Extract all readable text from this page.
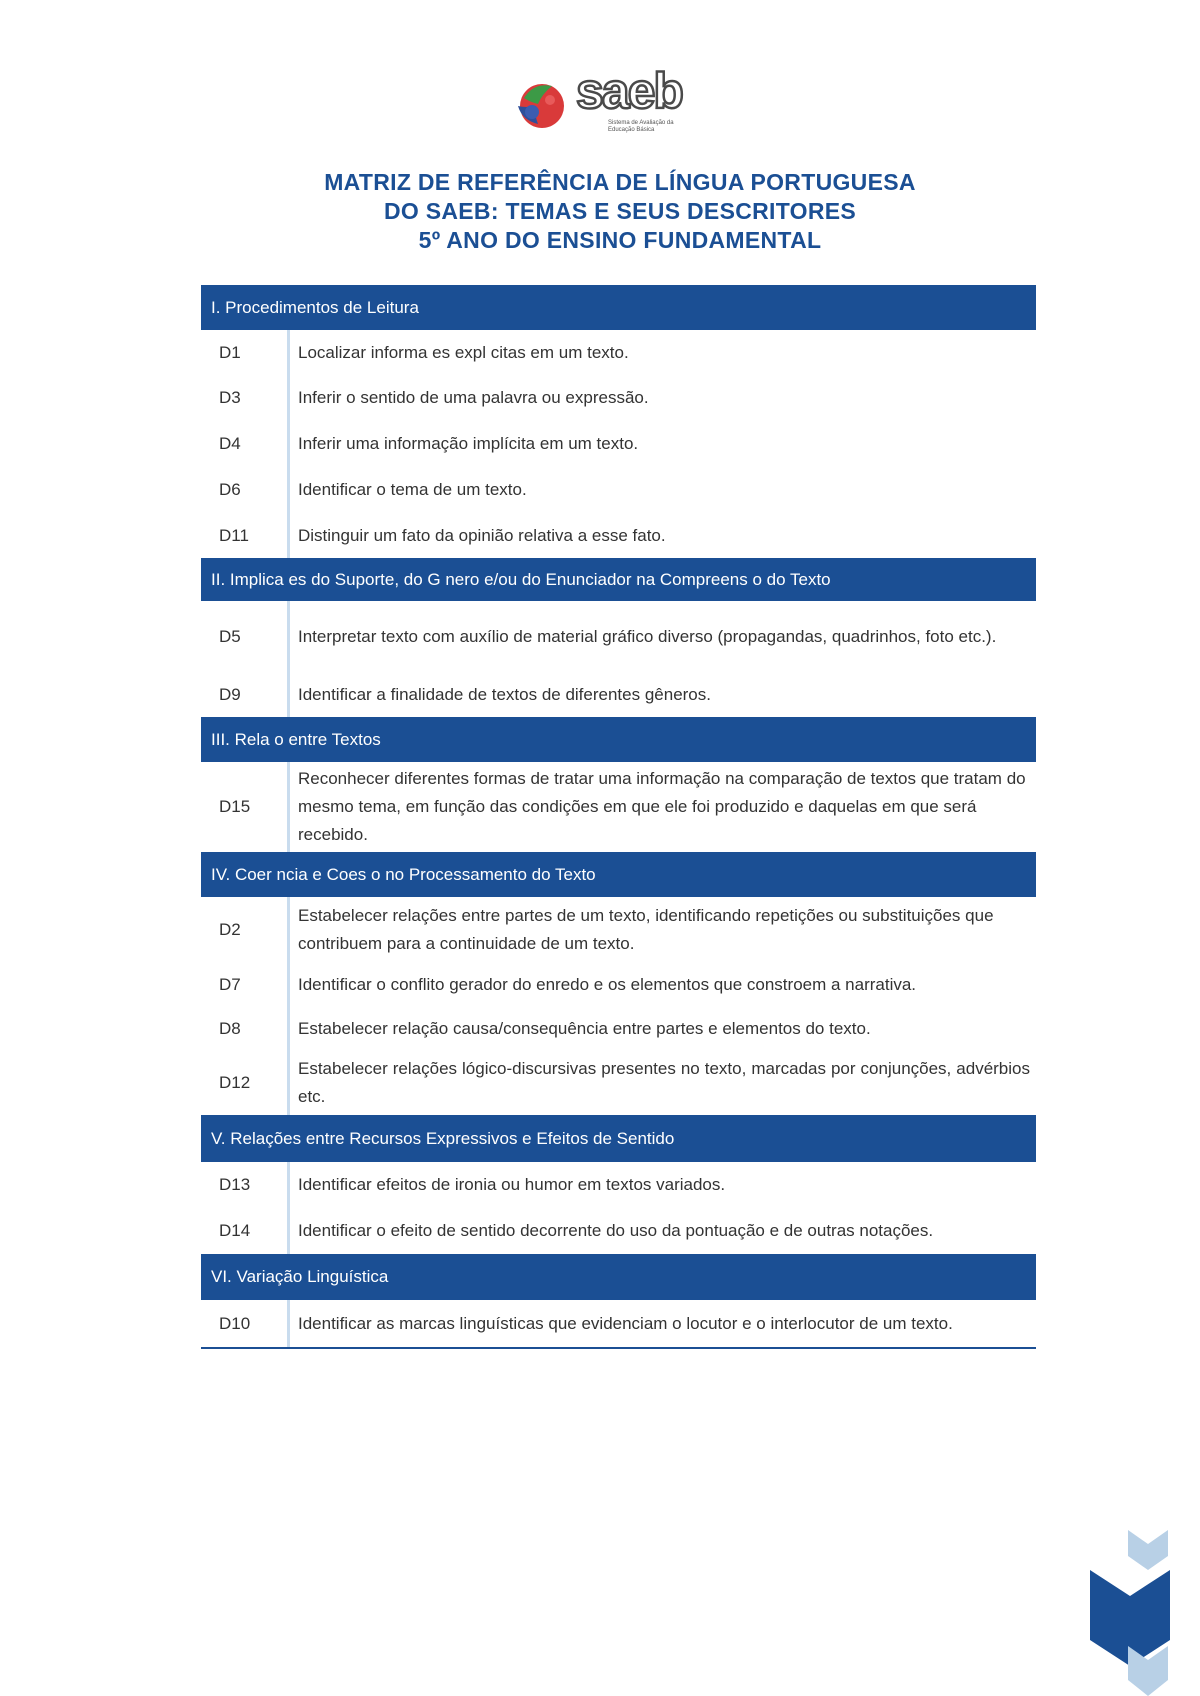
saeb
Sistema de Avaliação da Educação Básica
MATRIZ DE REFERÊNCIA DE LÍNGUA PORTUGUESA
DO SAEB: TEMAS E SEUS DESCRITORES
5º ANO DO ENSINO FUNDAMENTAL
I. Procedimentos de Leitura
D1	Localizar informa es expl citas em um texto.
D3	Inferir o sentido de uma palavra ou expressão.
D4	Inferir uma informação implícita em um texto.
D6	Identificar o tema de um texto.
D11	Distinguir um fato da opinião relativa a esse fato.
II. Implica es do Suporte, do G nero e/ou do Enunciador na Compreens o do Texto
D5	Interpretar texto com auxílio de material gráfico diverso (propagandas, quadrinhos, foto etc.).
D9	Identificar a finalidade de textos de diferentes gêneros.
III. Rela o entre Textos
D15
Reconhecer diferentes formas de tratar uma informação na comparação de textos que tratam do mesmo tema, em função das condições em que ele foi produzido e daquelas em que será recebido.
IV. Coer ncia e Coes o no Processamento do Texto
D2
Estabelecer relações entre partes de um texto, identificando repetições ou substituições que contribuem para a continuidade de um texto.
D7	Identificar o conflito gerador do enredo e os elementos que constroem a narrativa.
D8	Estabelecer relação causa/consequência entre partes e elementos do texto.
D12
Estabelecer relações lógico-discursivas presentes no texto, marcadas por conjunções, advérbios etc.
V. Relações entre Recursos Expressivos e Efeitos de Sentido
D13	Identificar efeitos de ironia ou humor em textos variados.
D14	Identificar o efeito de sentido decorrente do uso da pontuação e de outras notações.
VI. Variação Linguística
D10	Identificar as marcas linguísticas que evidenciam o locutor e o interlocutor de um texto.
